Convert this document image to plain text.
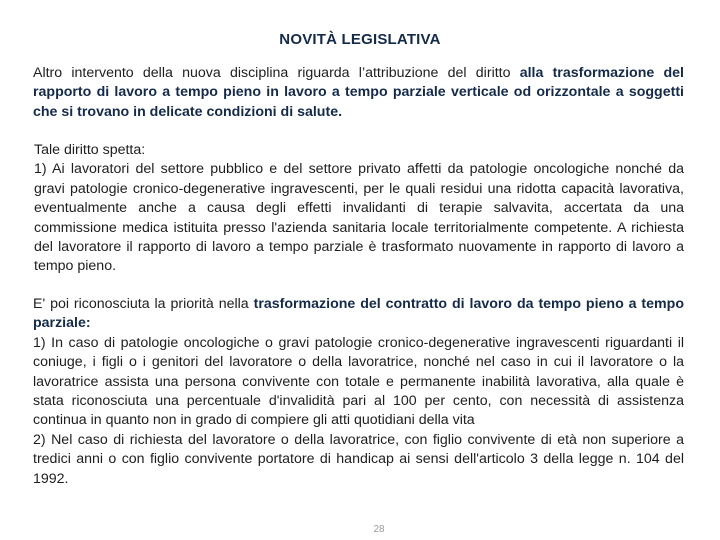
NOVITÀ LEGISLATIVA

Altro intervento della nuova disciplina riguarda l’attribuzione del diritto alla trasformazione del rapporto di lavoro a tempo pieno in lavoro a tempo parziale verticale od orizzontale a soggetti che si trovano in delicate condizioni di salute.

Tale diritto spetta:

1) Ai lavoratori del settore pubblico e del settore privato affetti da patologie oncologiche nonché da gravi patologie cronico-degenerative ingravescenti, per le quali residui una ridotta capacità lavorativa, eventualmente anche a causa degli effetti invalidanti di terapie salvavita, accertata da una commissione medica istituita presso l'azienda sanitaria locale territorialmente competente. A richiesta del lavoratore il rapporto di lavoro a tempo parziale è trasformato nuovamente in rapporto di lavoro a tempo pieno.

E' poi riconosciuta la priorità nella trasformazione del contratto di lavoro da tempo pieno a tempo parziale:

1) In caso di patologie oncologiche o gravi patologie cronico-degenerative ingravescenti riguardanti il coniuge, i figli o i genitori del lavoratore o della lavoratrice, nonché nel caso in cui il lavoratore o la lavoratrice assista una persona convivente con totale e permanente inabilità lavorativa, alla quale è stata riconosciuta una percentuale d'invalidità pari al 100 per cento, con necessità di assistenza continua in quanto non in grado di compiere gli atti quotidiani della vita

2) Nel caso di richiesta del lavoratore o della lavoratrice, con figlio convivente di età non superiore a tredici anni o con figlio convivente portatore di handicap ai sensi dell'articolo 3 della legge n. 104 del 1992.

28
